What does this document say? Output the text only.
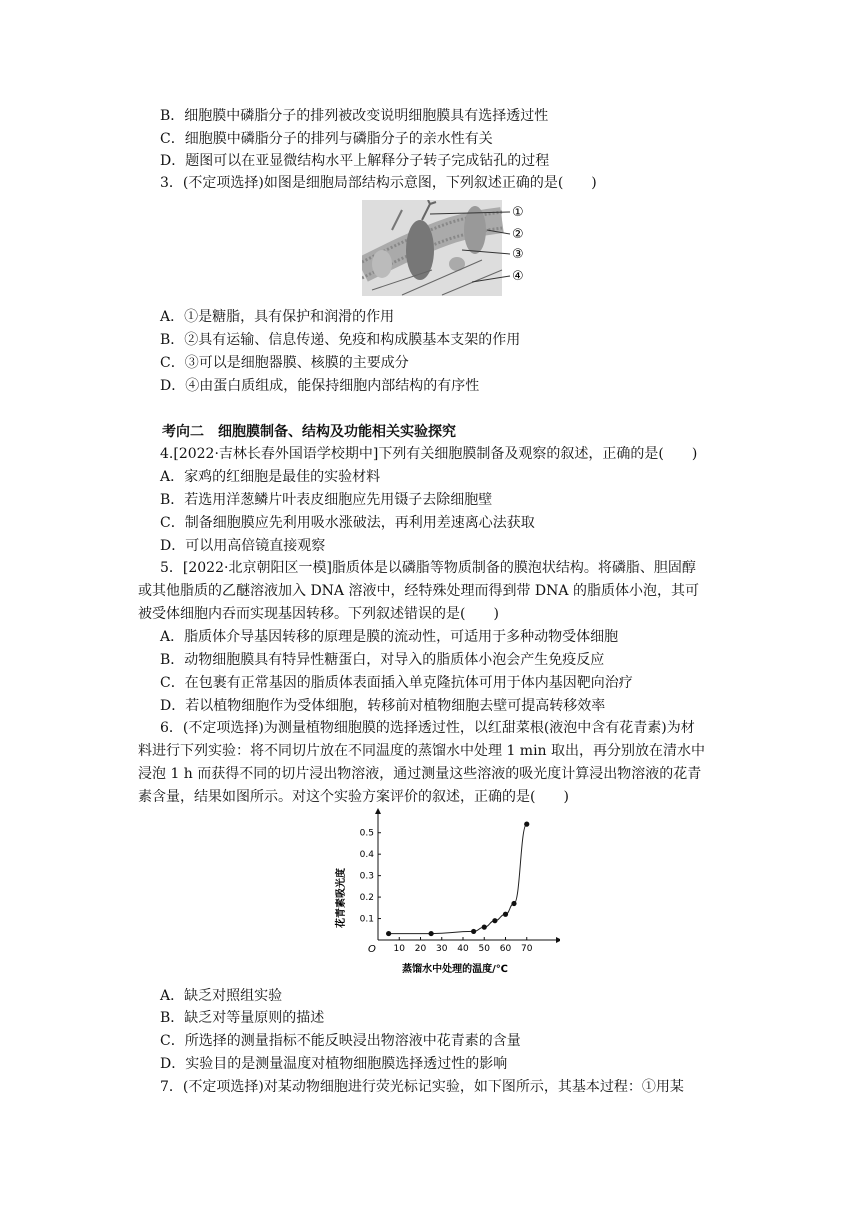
B．细胞膜中磷脂分子的排列被改变说明细胞膜具有选择透过性
C．细胞膜中磷脂分子的排列与磷脂分子的亲水性有关
D．题图可以在亚显微结构水平上解释分子转子完成钻孔的过程
3．(不定项选择)如图是细胞局部结构示意图，下列叙述正确的是( )
①
②
③
④
A．①是糖脂，具有保护和润滑的作用
B．②具有运输、信息传递、免疫和构成膜基本支架的作用
C．③可以是细胞器膜、核膜的主要成分
D．④由蛋白质组成，能保持细胞内部结构的有序性
考向二　细胞膜制备、结构及功能相关实验探究
4.[2022·吉林长春外国语学校期中]下列有关细胞膜制备及观察的叙述，正确的是( )
A．家鸡的红细胞是最佳的实验材料
B．若选用洋葱鳞片叶表皮细胞应先用镊子去除细胞壁
C．制备细胞膜应先利用吸水涨破法，再利用差速离心法获取
D．可以用高倍镜直接观察
5．[2022·北京朝阳区一模]脂质体是以磷脂等物质制备的膜泡状结构。将磷脂、胆固醇
或其他脂质的乙醚溶液加入 DNA 溶液中，经特殊处理而得到带 DNA 的脂质体小泡，其可
被受体细胞内吞而实现基因转移。下列叙述错误的是( )
A．脂质体介导基因转移的原理是膜的流动性，可适用于多种动物受体细胞
B．动物细胞膜具有特异性糖蛋白，对导入的脂质体小泡会产生免疫反应
C．在包裹有正常基因的脂质体表面插入单克隆抗体可用于体内基因靶向治疗
D．若以植物细胞作为受体细胞，转移前对植物细胞去壁可提高转移效率
6．(不定项选择)为测量植物细胞膜的选择透过性，以红甜菜根(液泡中含有花青素)为材
料进行下列实验：将不同切片放在不同温度的蒸馏水中处理 1 min 取出，再分别放在清水中
浸泡 1 h 而获得不同的切片浸出物溶液，通过测量这些溶液的吸光度计算浸出物溶液的花青
素含量，结果如图所示。对这个实验方案评价的叙述，正确的是( )
花青素吸光度
蒸馏水中处理的温度/℃
O 10 20 30 40 50 60 70
0.1
0.2
0.3
0.4
0.5
A．缺乏对照组实验
B．缺乏对等量原则的描述
C．所选择的测量指标不能反映浸出物溶液中花青素的含量
D．实验目的是测量温度对植物细胞膜选择透过性的影响
7．(不定项选择)对某动物细胞进行荧光标记实验，如下图所示，其基本过程：①用某
